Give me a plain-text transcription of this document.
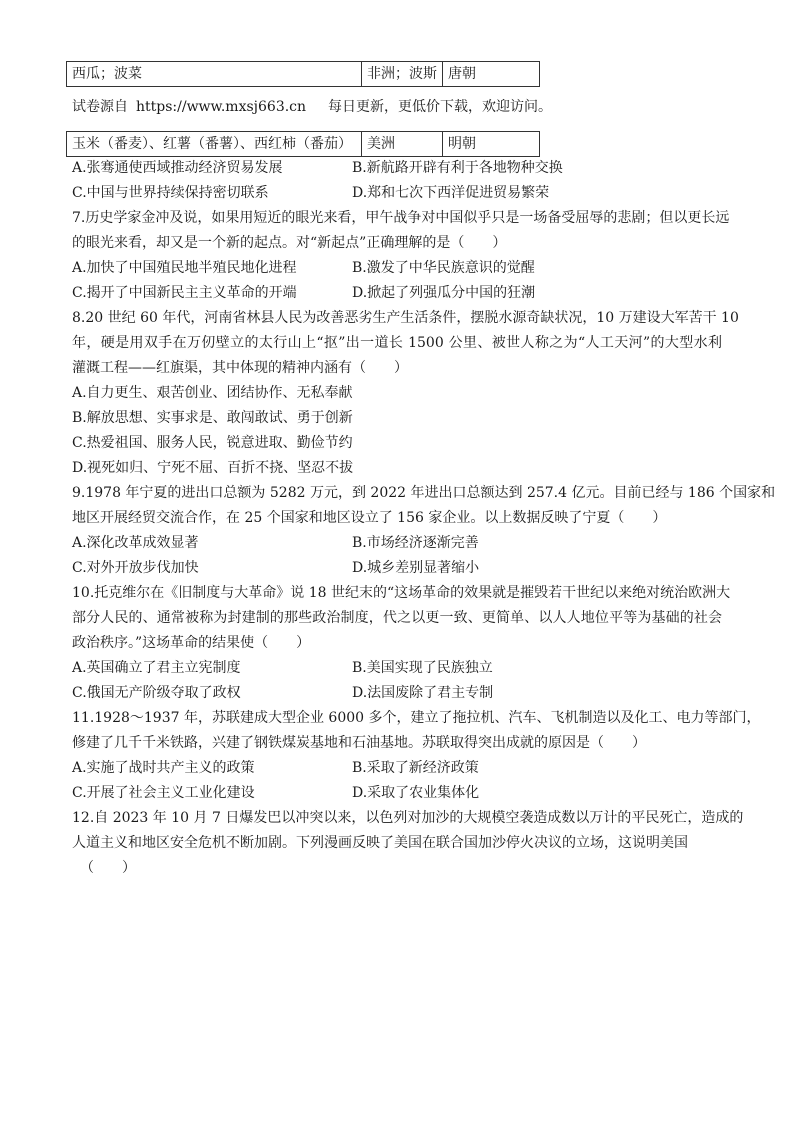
西瓜；波菜	非洲；波斯	唐朝
试卷源自 https://www.mxsj663.cn 每日更新，更低价下载，欢迎访问。
玉米（番麦）、红薯（番薯）、西红柿（番茄）	美洲	明朝
A.张骞通使西域推动经济贸易发展	B.新航路开辟有利于各地物种交换
C.中国与世界持续保持密切联系	D.郑和七次下西洋促进贸易繁荣
7.历史学家金冲及说，如果用短近的眼光来看，甲午战争对中国似乎只是一场备受屈辱的悲剧；但以更长远
的眼光来看，却又是一个新的起点。对“新起点”正确理解的是（　　）
A.加快了中国殖民地半殖民地化进程	B.激发了中华民族意识的觉醒
C.揭开了中国新民主主义革命的开端	D.掀起了列强瓜分中国的狂潮
8.20 世纪 60 年代，河南省林县人民为改善恶劣生产生活条件，摆脱水源奇缺状况，10 万建设大军苦干 10
年，硬是用双手在万仞壁立的太行山上“抠”出一道长 1500 公里、被世人称之为“人工天河”的大型水利
灌溉工程——红旗渠，其中体现的精神内涵有（　　）
A.自力更生、艰苦创业、团结协作、无私奉献
B.解放思想、实事求是、敢闯敢试、勇于创新
C.热爱祖国、服务人民，锐意进取、勤俭节约
D.视死如归、宁死不屈、百折不挠、坚忍不拔
9.1978 年宁夏的进出口总额为 5282 万元，到 2022 年进出口总额达到 257.4 亿元。目前已经与 186 个国家和
地区开展经贸交流合作，在 25 个国家和地区设立了 156 家企业。以上数据反映了宁夏（　　）
A.深化改革成效显著	B.市场经济逐渐完善
C.对外开放步伐加快	D.城乡差别显著缩小
10.托克维尔在《旧制度与大革命》说 18 世纪末的“这场革命的效果就是摧毁若干世纪以来绝对统治欧洲大
部分人民的、通常被称为封建制的那些政治制度，代之以更一致、更简单、以人人地位平等为基础的社会
政治秩序。”这场革命的结果使（　　）
A.英国确立了君主立宪制度	B.美国实现了民族独立
C.俄国无产阶级夺取了政权	D.法国废除了君主专制
11.1928～1937 年，苏联建成大型企业 6000 多个，建立了拖拉机、汽车、飞机制造以及化工、电力等部门，
修建了几千千米铁路，兴建了钢铁煤炭基地和石油基地。苏联取得突出成就的原因是（　　）
A.实施了战时共产主义的政策	B.采取了新经济政策
C.开展了社会主义工业化建设	D.采取了农业集体化
12.自 2023 年 10 月 7 日爆发巴以冲突以来，以色列对加沙的大规模空袭造成数以万计的平民死亡，造成的
人道主义和地区安全危机不断加剧。下列漫画反映了美国在联合国加沙停火决议的立场，这说明美国
（　　）
